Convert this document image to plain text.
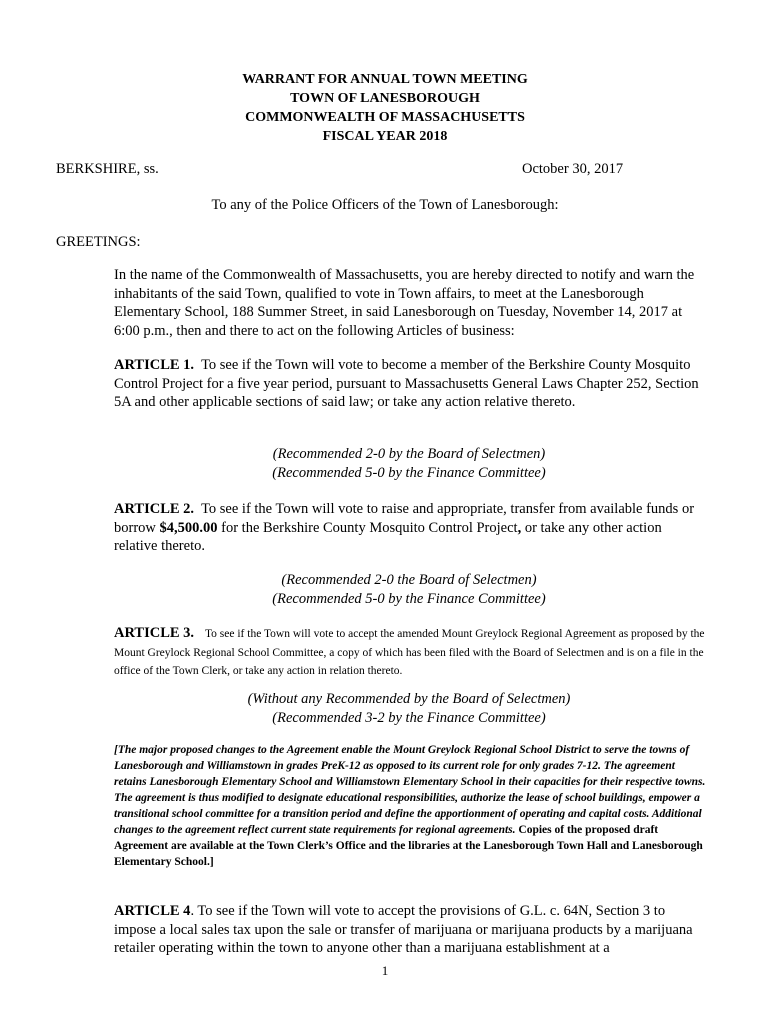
WARRANT FOR ANNUAL TOWN MEETING
TOWN OF LANESBOROUGH
COMMONWEALTH OF MASSACHUSETTS
FISCAL YEAR 2018
BERKSHIRE, ss.	October 30, 2017
To any of the Police Officers of the Town of Lanesborough:
GREETINGS:
In the name of the Commonwealth of Massachusetts, you are hereby directed to notify and warn the inhabitants of the said Town, qualified to vote in Town affairs, to meet at the Lanesborough Elementary School, 188 Summer Street, in said Lanesborough on Tuesday, November 14, 2017 at 6:00 p.m., then and there to act on the following Articles of business:
ARTICLE 1. To see if the Town will vote to become a member of the Berkshire County Mosquito Control Project for a five year period, pursuant to Massachusetts General Laws Chapter 252, Section 5A and other applicable sections of said law; or take any action relative thereto.
(Recommended 2-0 by the Board of Selectmen)
(Recommended 5-0 by the Finance Committee)
ARTICLE 2. To see if the Town will vote to raise and appropriate, transfer from available funds or borrow $4,500.00 for the Berkshire County Mosquito Control Project, or take any other action relative thereto.
(Recommended 2-0 the Board of Selectmen)
(Recommended 5-0 by the Finance Committee)
ARTICLE 3. To see if the Town will vote to accept the amended Mount Greylock Regional Agreement as proposed by the Mount Greylock Regional School Committee, a copy of which has been filed with the Board of Selectmen and is on a file in the office of the Town Clerk, or take any action in relation thereto.
(Without any Recommended by the Board of Selectmen)
(Recommended 3-2 by the Finance Committee)
[The major proposed changes to the Agreement enable the Mount Greylock Regional School District to serve the towns of Lanesborough and Williamstown in grades PreK-12 as opposed to its current role for only grades 7-12. The agreement retains Lanesborough Elementary School and Williamstown Elementary School in their capacities for their respective towns. The agreement is thus modified to designate educational responsibilities, authorize the lease of school buildings, empower a transitional school committee for a transition period and define the apportionment of operating and capital costs. Additional changes to the agreement reflect current state requirements for regional agreements. Copies of the proposed draft Agreement are available at the Town Clerk’s Office and the libraries at the Lanesborough Town Hall and Lanesborough Elementary School.]
ARTICLE 4. To see if the Town will vote to accept the provisions of G.L. c. 64N, Section 3 to impose a local sales tax upon the sale or transfer of marijuana or marijuana products by a marijuana retailer operating within the town to anyone other than a marijuana establishment at a
1
